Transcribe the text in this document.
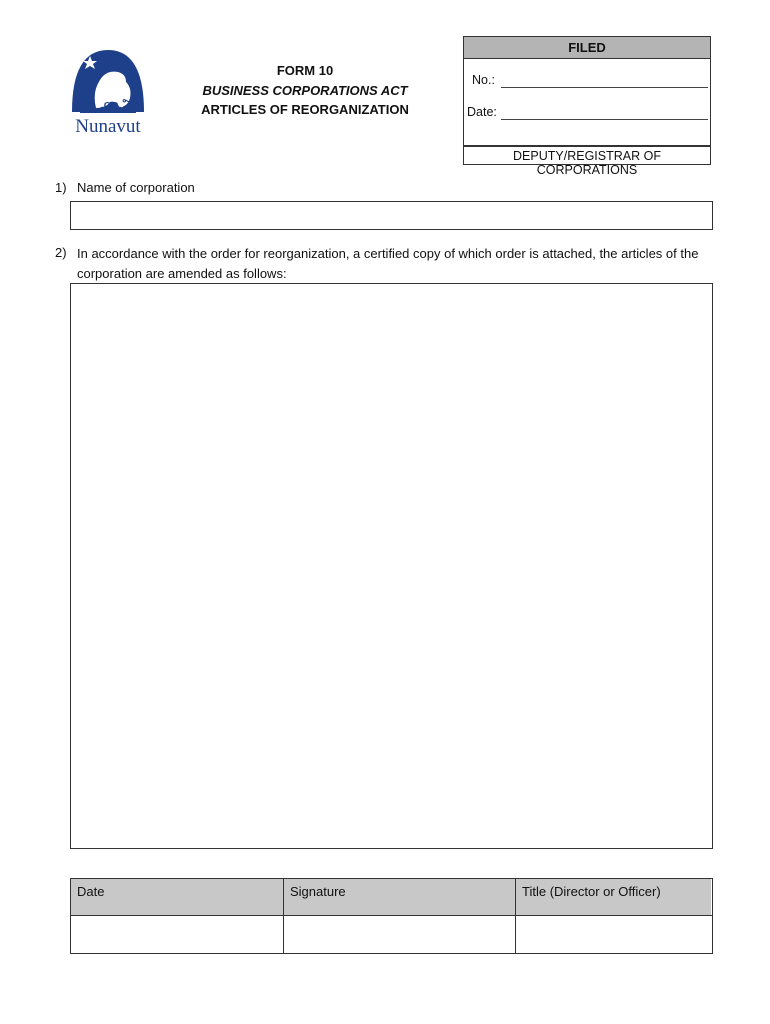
ᓄᓇᕗᑦ
Nunavut
FORM 10
BUSINESS CORPORATIONS ACT
ARTICLES OF REORGANIZATION
FILED
No.:
Date:
DEPUTY/REGISTRAR OF CORPORATIONS
1) Name of corporation
2) In accordance with the order for reorganization, a certified copy of which order is attached, the articles of the corporation are amended as follows:
Date	Signature	Title (Director or Officer)
